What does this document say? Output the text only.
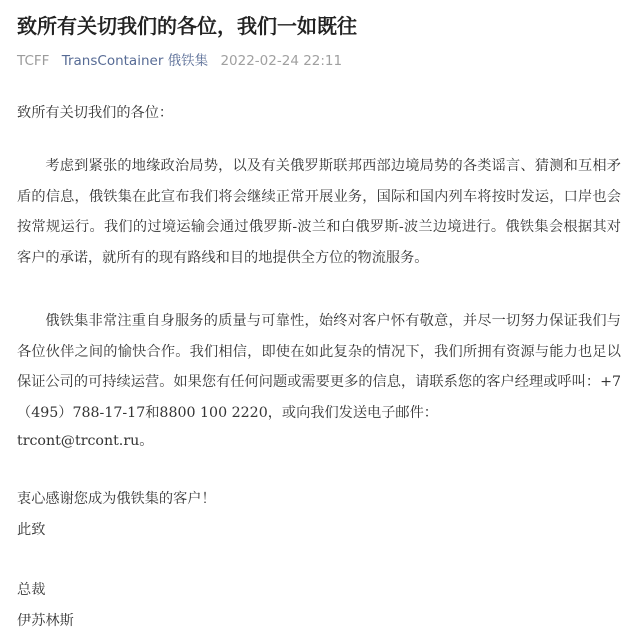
致所有关切我们的各位，我们一如既往
TCFF TransContainer 俄铁集 2022-02-24 22:11
致所有关切我们的各位：
考虑到紧张的地缘政治局势，以及有关俄罗斯联邦西部边境局势的各类谣言、猜测和互相矛盾的信息，俄铁集在此宣布我们将会继续正常开展业务，国际和国内列车将按时发运，口岸也会按常规运行。我们的过境运输会通过俄罗斯-波兰和白俄罗斯-波兰边境进行。俄铁集会根据其对客户的承诺，就所有的现有路线和目的地提供全方位的物流服务。
俄铁集非常注重自身服务的质量与可靠性，始终对客户怀有敬意，并尽一切努力保证我们与各位伙伴之间的愉快合作。我们相信，即使在如此复杂的情况下，我们所拥有资源与能力也足以保证公司的可持续运营。如果您有任何问题或需要更多的信息，请联系您的客户经理或呼叫：+7（495）788-17-17和8800 100 2220，或向我们发送电子邮件：
trcont@trcont.ru。
衷心感谢您成为俄铁集的客户！
此致
总裁
伊苏林斯
